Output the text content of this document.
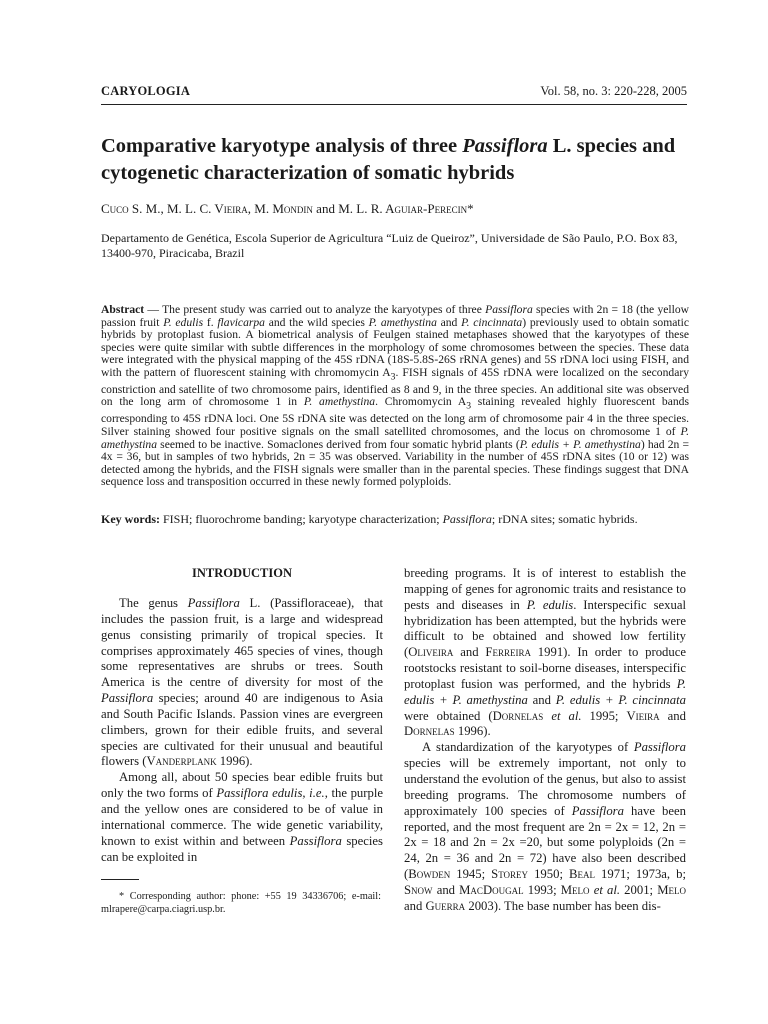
CARYOLOGIA	Vol. 58, no. 3: 220-228, 2005
Comparative karyotype analysis of three Passiflora L. species and cytogenetic characterization of somatic hybrids
Cuco S. M., M. L. C. Vieira, M. Mondin and M. L. R. Aguiar-Perecin*
Departamento de Genética, Escola Superior de Agricultura “Luiz de Queiroz”, Universidade de São Paulo, P.O. Box 83, 13400-970, Piracicaba, Brazil

Abstract — The present study was carried out to analyze the karyotypes of three Passiflora species with 2n = 18 (the yellow passion fruit P. edulis f. flavicarpa and the wild species P. amethystina and P. cincinnata) previously used to obtain somatic hybrids by protoplast fusion. A biometrical analysis of Feulgen stained metaphases showed that the karyotypes of these species were quite similar with subtle differences in the morphology of some chromosomes between the species. These data were integrated with the physical mapping of the 45S rDNA (18S-5.8S-26S rRNA genes) and 5S rDNA loci using FISH, and with the pattern of fluorescent staining with chromomycin $A_3$. FISH signals of 45S rDNA were localized on the secondary constriction and satellite of two chromosome pairs, identified as 8 and 9, in the three species. An additional site was observed on the long arm of chromosome 1 in P. amethystina. Chromomycin $A_3$ staining revealed highly fluorescent bands corresponding to 45S rDNA loci. One 5S rDNA site was detected on the long arm of chromosome pair 4 in the three species. Silver staining showed four positive signals on the small satellited chromosomes, and the locus on chromosome 1 of P. amethystina seemed to be inactive. Somaclones derived from four somatic hybrid plants (P. edulis + P. amethystina) had 2n = 4x = 36, but in samples of two hybrids, 2n = 35 was observed. Variability in the number of 45S rDNA sites (10 or 12) was detected among the hybrids, and the FISH signals were smaller than in the parental species. These findings suggest that DNA sequence loss and transposition occurred in these newly formed polyploids.

Key words: FISH; fluorochrome banding; karyotype characterization; Passiflora; rDNA sites; somatic hybrids.

INTRODUCTION

The genus Passiflora L. (Passifloraceae), that includes the passion fruit, is a large and widespread genus consisting primarily of tropical species. It comprises approximately 465 species of vines, though some representatives are shrubs or trees. South America is the centre of diversity for most of the Passiflora species; around 40 are indigenous to Asia and South Pacific Islands. Passion vines are evergreen climbers, grown for their edible fruits, and several species are cultivated for their unusual and beautiful flowers (Vanderplank 1996).

Among all, about 50 species bear edible fruits but only the two forms of Passiflora edulis, i.e., the purple and the yellow ones are considered to be of value in international commerce. The wide genetic variability, known to exist within and between Passiflora species can be exploited in

breeding programs. It is of interest to establish the mapping of genes for agronomic traits and resistance to pests and diseases in P. edulis. Interspecific sexual hybridization has been attempted, but the hybrids were difficult to be obtained and showed low fertility (Oliveira and Ferreira 1991). In order to produce rootstocks resistant to soil-borne diseases, interspecific protoplast fusion was performed, and the hybrids P. edulis + P. amethystina and P. edulis + P. cincinnata were obtained (Dornelas et al. 1995; Vieira and Dornelas 1996).

A standardization of the karyotypes of Passiflora species will be extremely important, not only to understand the evolution of the genus, but also to assist breeding programs. The chromosome numbers of approximately 100 species of Passiflora have been reported, and the most frequent are 2n = 2x = 12, 2n = 2x = 18 and 2n = 2x =20, but some polyploids (2n = 24, 2n = 36 and 2n = 72) have also been described (Bowden 1945; Storey 1950; Beal 1971; 1973a, b; Snow and MacDougal 1993; Melo et al. 2001; Melo and Guerra 2003). The base number has been dis-

* Corresponding author: phone: +55 19 34336706; e-mail: mlrapere@carpa.ciagri.usp.br.
